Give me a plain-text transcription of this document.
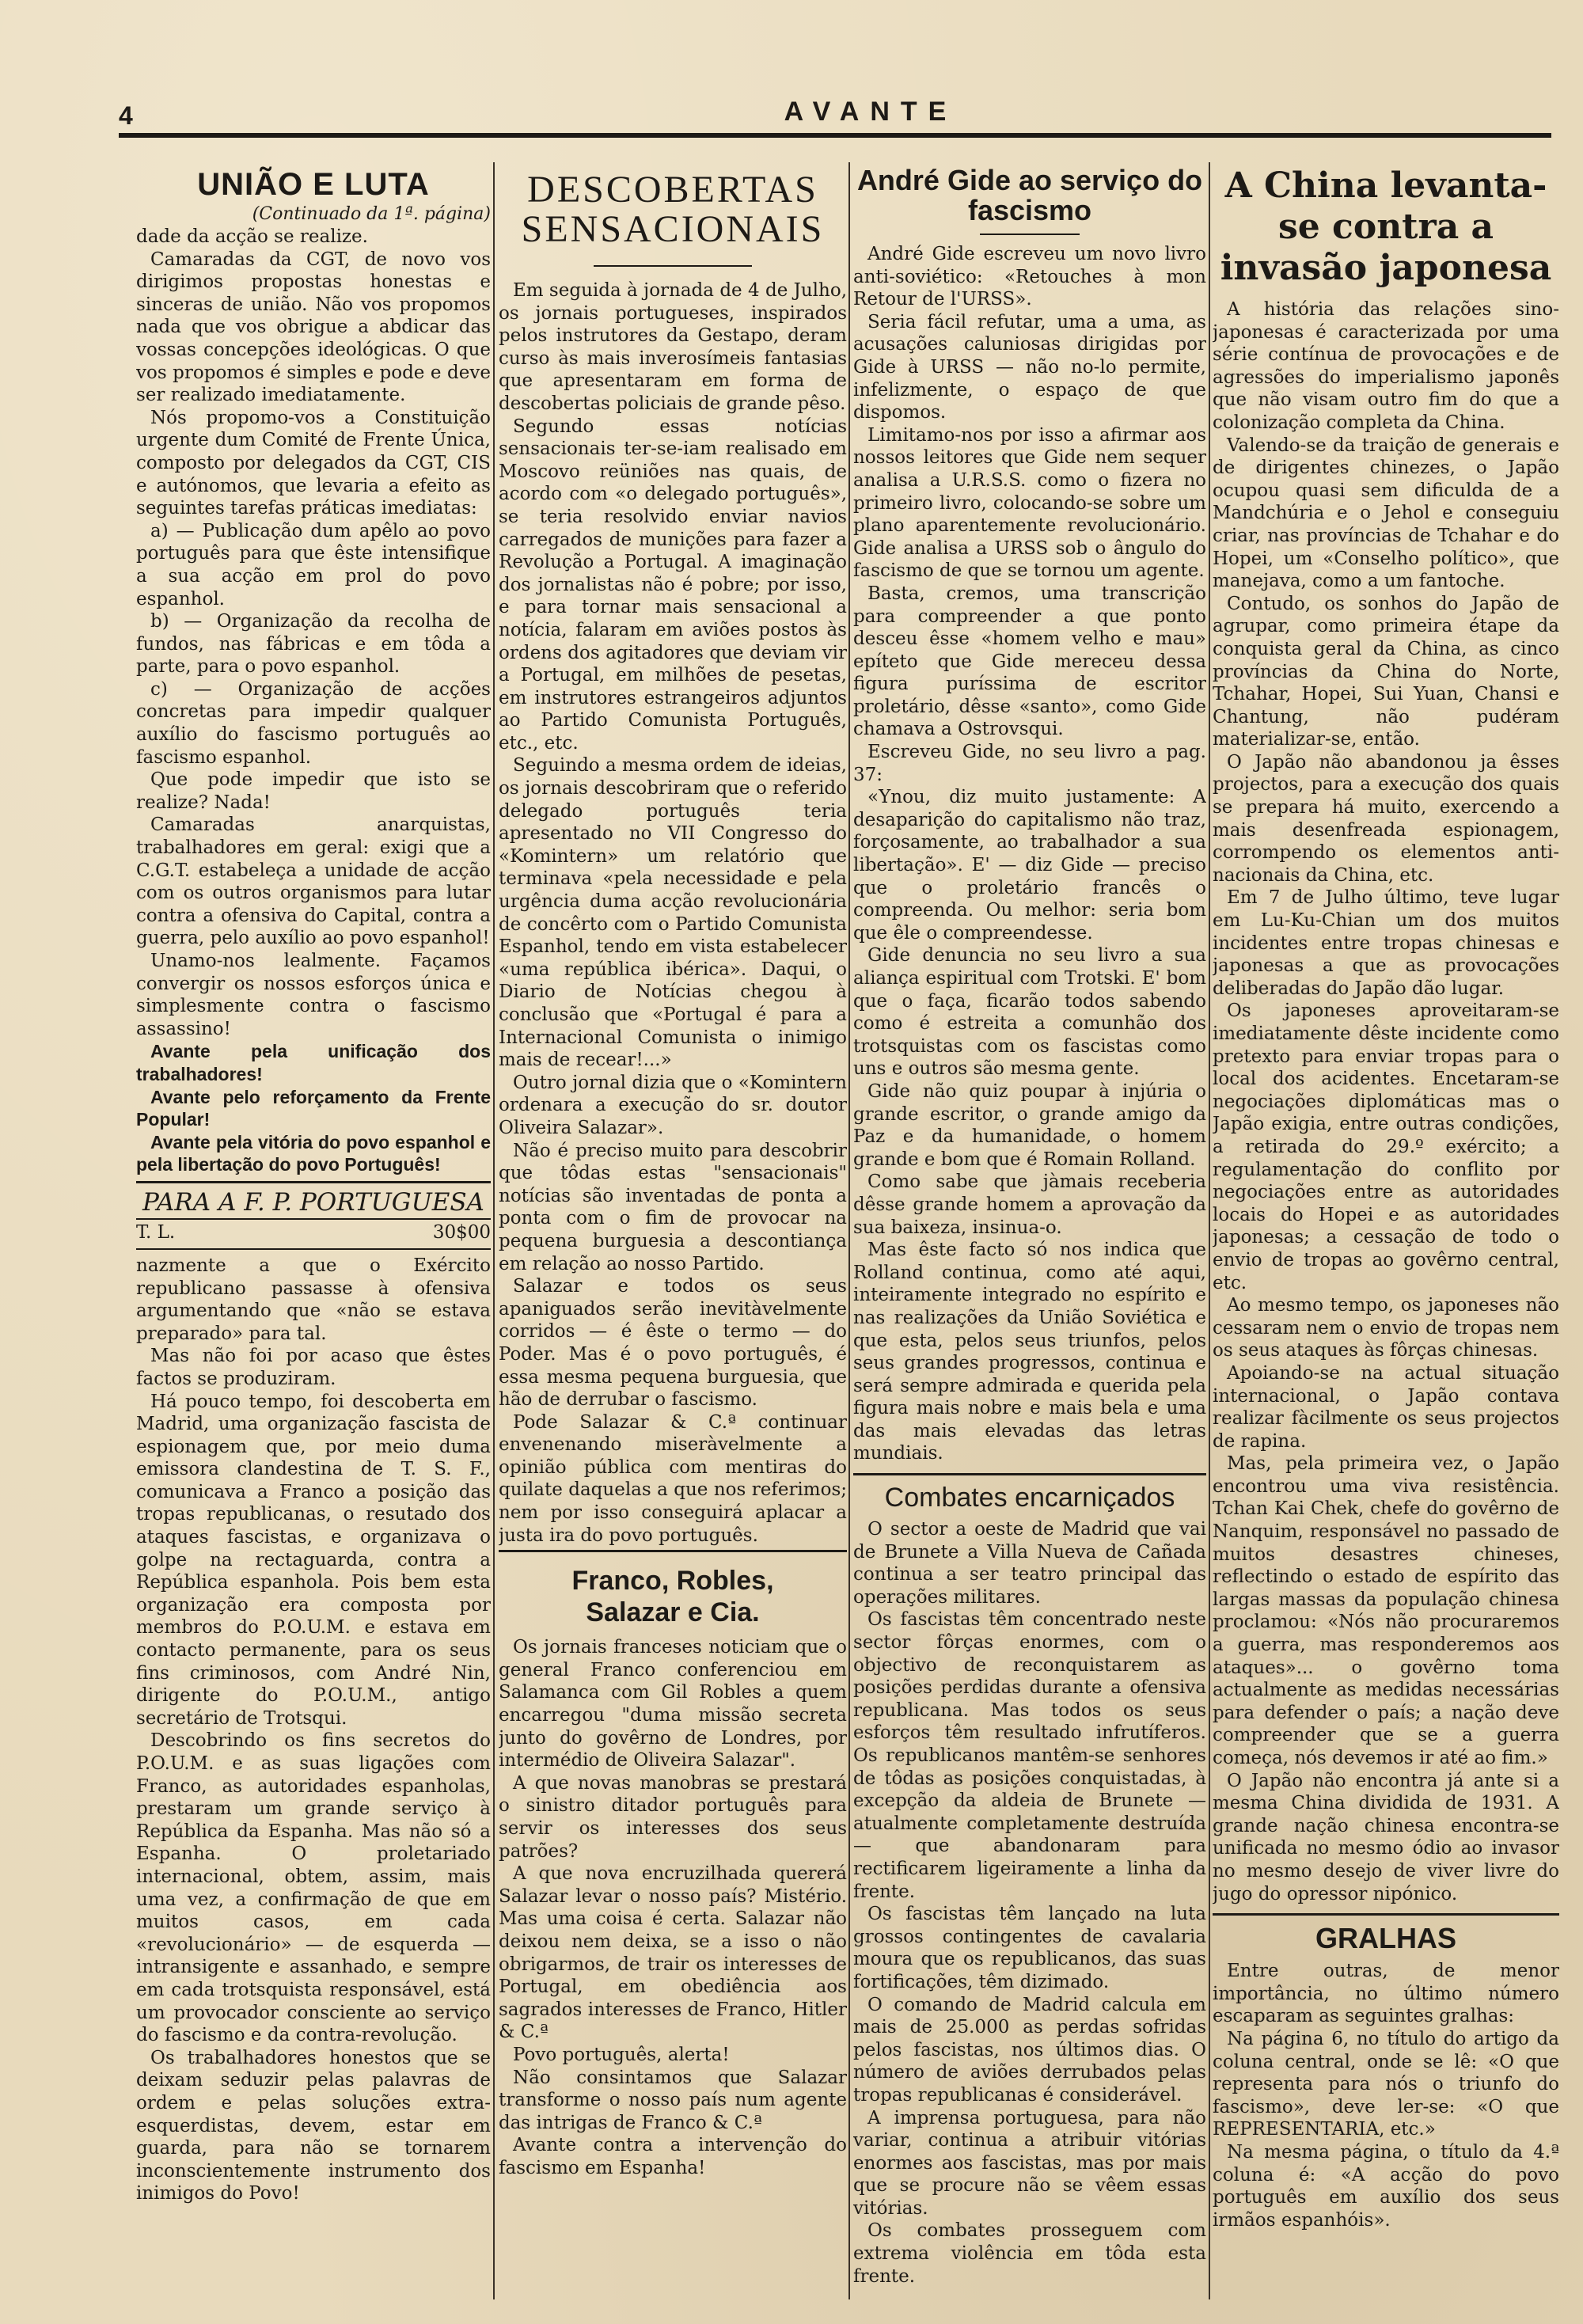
4	AVANTE
UNIÃO E LUTA
(Continuado da 1ª. página)

dade da acção se realize.

Camaradas da CGT, de novo vos dirigimos propostas honestas e sinceras de união. Não vos propomos nada que vos obrigue a abdicar das vossas concepções ideológicas. O que vos propomos é simples e pode e deve ser realizado imediatamente.

Nós propomo-vos a Constituição urgente dum Comité de Frente Única, composto por delegados da CGT, CIS e autónomos, que levaria a efeito as seguintes tarefas práticas imediatas:

a) — Publicação dum apêlo ao povo português para que êste intensifique a sua acção em prol do povo espanhol.

b) — Organização da recolha de fundos, nas fábricas e em tôda a parte, para o povo espanhol.

c) — Organização de acções concretas para impedir qualquer auxílio do fascismo português ao fascismo espanhol.

Que pode impedir que isto se realize? Nada!

Camaradas anarquistas, trabalhadores em geral: exigi que a C.G.T. estabeleça a unidade de acção com os outros organismos para lutar contra a ofensiva do Capital, contra a guerra, pelo auxílio ao povo espanhol!

Unamo-nos lealmente. Façamos convergir os nossos esforços única e simplesmente contra o fascismo assassino!

Avante pela unificação dos trabalhadores!

Avante pelo reforçamento da Frente Popular!

Avante pela vitória do povo espanhol e pela libertação do povo Português!

PARA A F. P. PORTUGUESA
T. L.	30$00

nazmente a que o Exército republicano passasse à ofensiva argumentando que «não se estava preparado» para tal.

Mas não foi por acaso que êstes factos se produziram.

Há pouco tempo, foi descoberta em Madrid, uma organização fascista de espionagem que, por meio duma emissora clandestina de T. S. F., comunicava a Franco a posição das tropas republicanas, o resutado dos ataques fascistas, e organizava o golpe na rectaguarda, contra a República espanhola. Pois bem esta organização era composta por membros do P.O.U.M. e estava em contacto permanente, para os seus fins criminosos, com André Nin, dirigente do P.O.U.M., antigo secretário de Trotsqui.

Descobrindo os fins secretos do P.O.U.M. e as suas ligações com Franco, as autoridades espanholas, prestaram um grande serviço à República da Espanha. Mas não só a Espanha. O proletariado internacional, obtem, assim, mais uma vez, a confirmação de que em muitos casos, em cada «revolucionário» — de esquerda — intransigente e assanhado, e sempre em cada trotsquista responsável, está um provocador consciente ao serviço do fascismo e da contra-revolução.

Os trabalhadores honestos que se deixam seduzir pelas palavras de ordem e pelas soluções extra-esquerdistas, devem, estar em guarda, para não se tornarem inconscientemente instrumento dos inimigos do Povo!

DESCOBERTAS
SENSACIONAIS

Em seguida à jornada de 4 de Julho, os jornais portugueses, inspirados pelos instrutores da Gestapo, deram curso às mais inverosímeis fantasias que apresentaram em forma de descobertas policiais de grande pêso.

Segundo essas notícias sensacionais ter-se-iam realisado em Moscovo reüniões nas quais, de acordo com «o delegado português», se teria resolvido enviar navios carregados de munições para fazer a Revolução a Portugal. A imaginação dos jornalistas não é pobre; por isso, e para tornar mais sensacional a notícia, falaram em aviões postos às ordens dos agitadores que deviam vir a Portugal, em milhões de pesetas, em instrutores estrangeiros adjuntos ao Partido Comunista Português, etc., etc.

Seguindo a mesma ordem de ideias, os jornais descobriram que o referido delegado português teria apresentado no VII Congresso do «Komintern» um relatório que terminava «pela necessidade e pela urgência duma acção revolucionária de concêrto com o Partido Comunista Espanhol, tendo em vista estabelecer «uma república ibérica». Daqui, o Diario de Notícias chegou à conclusão que «Portugal é para a Internacional Comunista o inimigo mais de recear!...»

Outro jornal dizia que o «Komintern ordenara a execução do sr. doutor Oliveira Salazar».

Não é preciso muito para descobrir que tôdas estas "sensacionais" notícias são inventadas de ponta a ponta com o fim de provocar na pequena burguesia a descontiança em relação ao nosso Partido.

Salazar e todos os seus apaniguados serão inevitàvelmente corridos — é êste o termo — do Poder. Mas é o povo português, é essa mesma pequena burguesia, que hão de derrubar o fascismo.

Pode Salazar & C.ª continuar envenenando miseràvelmente a opinião pública com mentiras do quilate daquelas a que nos referimos; nem por isso conseguirá aplacar a justa ira do povo português.

Franco, Robles,
Salazar e Cia.

Os jornais franceses noticiam que o general Franco conferenciou em Salamanca com Gil Robles a quem encarregou "duma missão secreta junto do govêrno de Londres, por intermédio de Oliveira Salazar".

A que novas manobras se prestará o sinistro ditador português para servir os interesses dos seus patrões?

A que nova encruzilhada quererá Salazar levar o nosso país? Mistério. Mas uma coisa é certa. Salazar não deixou nem deixa, se a isso o não obrigarmos, de trair os interesses de Portugal, em obediência aos sagrados interesses de Franco, Hitler & C.ª

Povo português, alerta!

Não consintamos que Salazar transforme o nosso país num agente das intrigas de Franco & C.ª

Avante contra a intervenção do fascismo em Espanha!

André Gide ao serviço do fascismo

André Gide escreveu um novo livro anti-soviético: «Retouches à mon Retour de l'URSS».

Seria fácil refutar, uma a uma, as acusações caluniosas dirigidas por Gide à URSS — não no-lo permite, infelizmente, o espaço de que dispomos.

Limitamo-nos por isso a afirmar aos nossos leitores que Gide nem sequer analisa a U.R.S.S. como o fizera no primeiro livro, colocando-se sobre um plano aparentemente revolucionário. Gide analisa a URSS sob o ângulo do fascismo de que se tornou um agente.

Basta, cremos, uma transcrição para compreender a que ponto desceu êsse «homem velho e mau» epíteto que Gide mereceu dessa figura puríssima de escritor proletário, dêsse «santo», como Gide chamava a Ostrovsqui.

Escreveu Gide, no seu livro a pag. 37:

«Ynou, diz muito justamente: A desaparição do capitalismo não traz, forçosamente, ao trabalhador a sua libertação». E' — diz Gide — preciso que o proletário francês o compreenda. Ou melhor: seria bom que êle o compreendesse.

Gide denuncia no seu livro a sua aliança espiritual com Trotski. E' bom que o faça, ficarão todos sabendo como é estreita a comunhão dos trotsquistas com os fascistas como uns e outros são mesma gente.

Gide não quiz poupar à injúria o grande escritor, o grande amigo da Paz e da humanidade, o homem grande e bom que é Romain Rolland.

Como sabe que jàmais receberia dêsse grande homem a aprovação da sua baixeza, insinua-o.

Mas êste facto só nos indica que Rolland continua, como até aqui, inteiramente integrado no espírito e nas realizações da União Soviética e que esta, pelos seus triunfos, pelos seus grandes progressos, continua e será sempre admirada e querida pela figura mais nobre e mais bela e uma das mais elevadas das letras mundiais.

Combates encarniçados

O sector a oeste de Madrid que vai de Brunete a Villa Nueva de Cañada continua a ser teatro principal das operações militares.

Os fascistas têm concentrado neste sector fôrças enormes, com o objectivo de reconquistarem as posições perdidas durante a ofensiva republicana. Mas todos os seus esforços têm resultado infrutíferos. Os republicanos mantêm-se senhores de tôdas as posições conquistadas, à excepção da aldeia de Brunete — atualmente completamente destruída — que abandonaram para rectificarem ligeiramente a linha da frente.

Os fascistas têm lançado na luta grossos contingentes de cavalaria moura que os republicanos, das suas fortificações, têm dizimado.

O comando de Madrid calcula em mais de 25.000 as perdas sofridas pelos fascistas, nos últimos dias. O número de aviões derrubados pelas tropas republicanas é considerável.

A imprensa portuguesa, para não variar, continua a atribuir vitórias enormes aos fascistas, mas por mais que se procure não se vêem essas vitórias.

Os combates prosseguem com extrema violência em tôda esta frente.

A China levanta-se contra a invasão japonesa

A história das relações sino-japonesas é caracterizada por uma série contínua de provocações e de agressões do imperialismo japonês que não visam outro fim do que a colonização completa da China.

Valendo-se da traição de generais e de dirigentes chinezes, o Japão ocupou quasi sem dificulda de a Mandchúria e o Jehol e conseguiu criar, nas províncias de Tchahar e do Hopei, um «Conselho político», que manejava, como a um fantoche.

Contudo, os sonhos do Japão de agrupar, como primeira étape da conquista geral da China, as cinco províncias da China do Norte, Tchahar, Hopei, Sui Yuan, Chansi e Chantung, não pudéram materializar-se, então.

O Japão não abandonou ja êsses projectos, para a execução dos quais se prepara há muito, exercendo a mais desenfreada espionagem, corrompendo os elementos anti-nacionais da China, etc.

Em 7 de Julho último, teve lugar em Lu-Ku-Chian um dos muitos incidentes entre tropas chinesas e japonesas a que as provocações deliberadas do Japão dão lugar.

Os japoneses aproveitaram-se imediatamente dêste incidente como pretexto para enviar tropas para o local dos acidentes. Encetaram-se negociações diplomáticas mas o Japão exigia, entre outras condições, a retirada do 29.º exército; a regulamentação do conflito por negociações entre as autoridades locais do Hopei e as autoridades japonesas; a cessação de todo o envio de tropas ao govêrno central, etc.

Ao mesmo tempo, os japoneses não cessaram nem o envio de tropas nem os seus ataques às fôrças chinesas.

Apoiando-se na actual situação internacional, o Japão contava realizar fàcilmente os seus projectos de rapina.

Mas, pela primeira vez, o Japão encontrou uma viva resistência. Tchan Kai Chek, chefe do govêrno de Nanquim, responsável no passado de muitos desastres chineses, reflectindo o estado de espírito das largas massas da população chinesa proclamou: «Nós não procuraremos a guerra, mas responderemos aos ataques»... o govêrno toma actualmente as medidas necessárias para defender o país; a nação deve compreender que se a guerra começa, nós devemos ir até ao fim.»

O Japão não encontra já ante si a mesma China dividida de 1931. A grande nação chinesa encontra-se unificada no mesmo ódio ao invasor no mesmo desejo de viver livre do jugo do opressor nipónico.

GRALHAS

Entre outras, de menor importância, no último número escaparam as seguintes gralhas:

Na página 6, no título do artigo da coluna central, onde se lê: «O que representa para nós o triunfo do fascismo», deve ler-se: «O que REPRESENTARIA, etc.»

Na mesma página, o título da 4.ª coluna é: «A acção do povo português em auxílio dos seus irmãos espanhóis».
